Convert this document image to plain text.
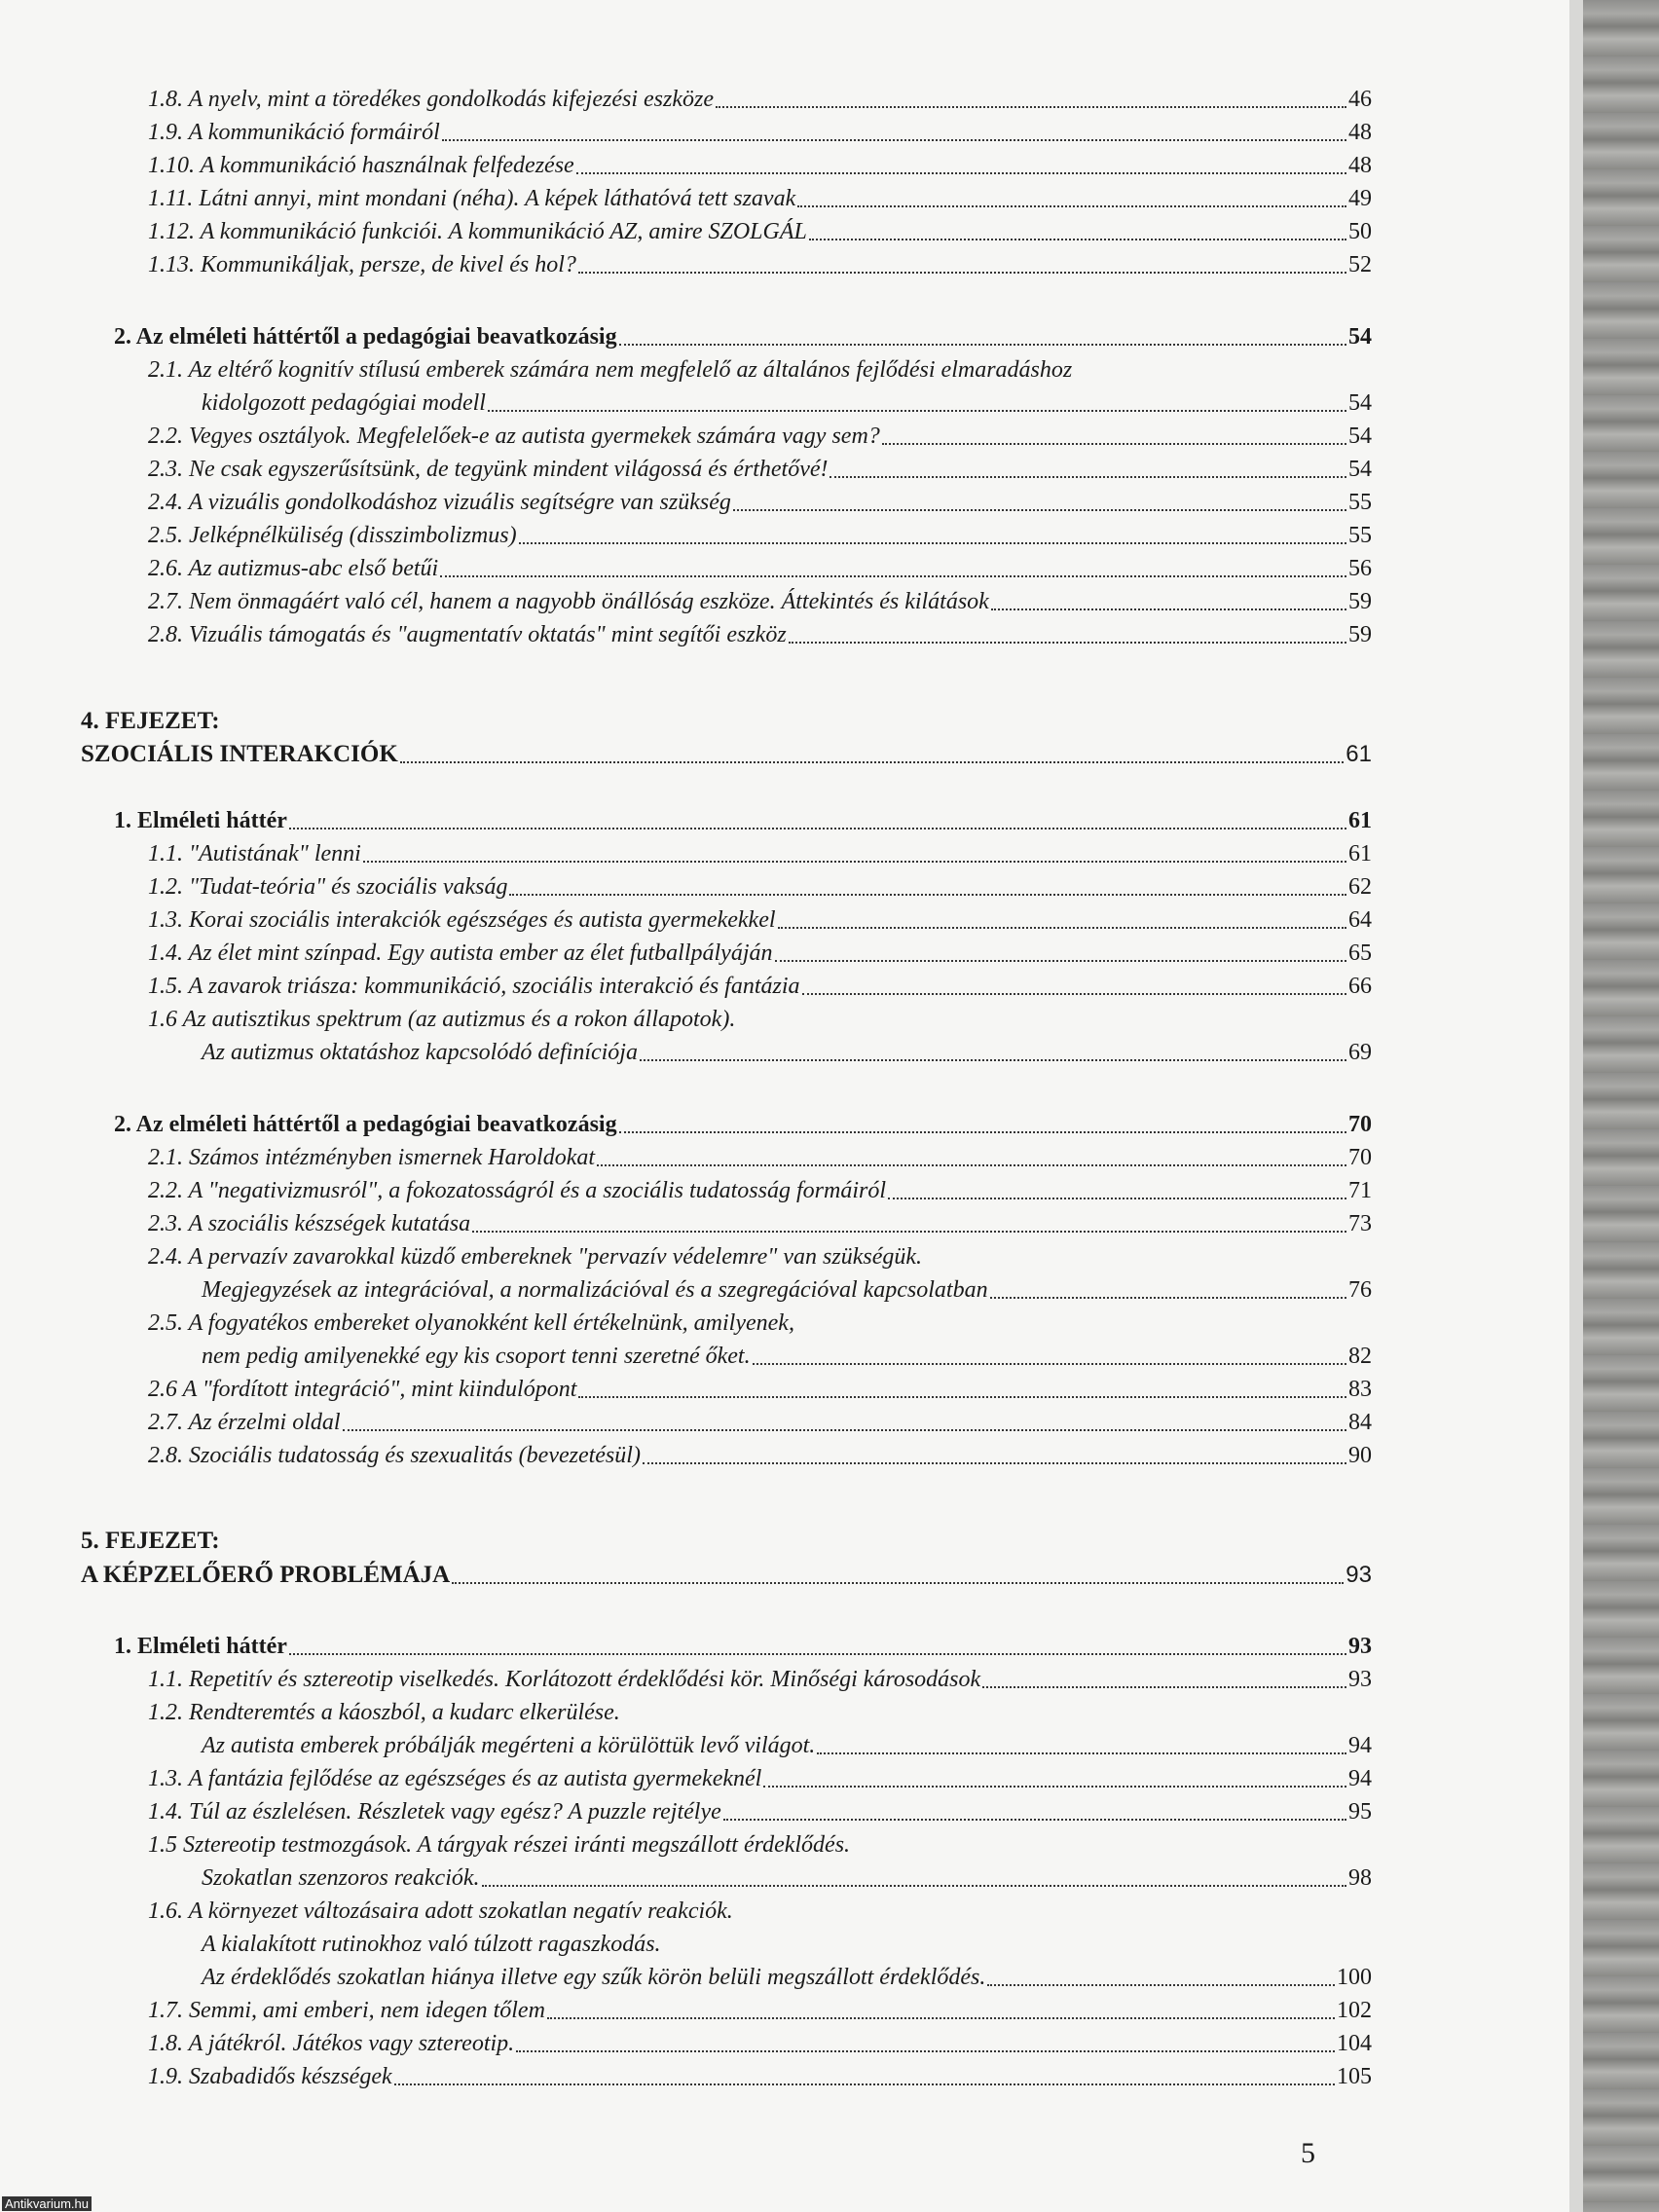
1.8. A nyelv, mint a töredékes gondolkodás kifejezési eszköze	46
1.9. A kommunikáció formáiról	48
1.10. A kommunikáció használnak felfedezése	48
1.11. Látni annyi, mint mondani (néha). A képek láthatóvá tett szavak	49
1.12. A kommunikáció funkciói. A kommunikáció AZ, amire SZOLGÁL	50
1.13. Kommunikáljak, persze, de kivel és hol?	52
2. Az elméleti háttértől a pedagógiai beavatkozásig	54
2.1. Az eltérő kognitív stílusú emberek számára nem megfelelő az általános fejlődési elmaradáshoz
kidolgozott pedagógiai modell	54
2.2. Vegyes osztályok. Megfelelőek-e az autista gyermekek számára vagy sem?	54
2.3. Ne csak egyszerűsítsünk, de tegyünk mindent világossá és érthetővé!	54
2.4. A vizuális gondolkodáshoz vizuális segítségre van szükség	55
2.5. Jelképnélküliség (disszimbolizmus)	55
2.6. Az autizmus-abc első betűi	56
2.7. Nem önmagáért való cél, hanem a nagyobb önállóság eszköze. Áttekintés és kilátások	59
2.8. Vizuális támogatás és "augmentatív oktatás" mint segítői eszköz	59
4. FEJEZET:
SZOCIÁLIS INTERAKCIÓK	61
1. Elméleti háttér	61
1.1. "Autistának" lenni	61
1.2. "Tudat-teória" és szociális vakság	62
1.3. Korai szociális interakciók egészséges és autista gyermekekkel	64
1.4. Az élet mint színpad. Egy autista ember az élet futballpályáján	65
1.5. A zavarok triásza: kommunikáció, szociális interakció és fantázia	66
1.6 Az autisztikus spektrum (az autizmus és a rokon állapotok).
Az autizmus oktatáshoz kapcsolódó definíciója	69
2. Az elméleti háttértől a pedagógiai beavatkozásig	70
2.1. Számos intézményben ismernek Haroldokat	70
2.2. A "negativizmusról", a fokozatosságról és a szociális tudatosság formáiról	71
2.3. A szociális készségek kutatása	73
2.4. A pervazív zavarokkal küzdő embereknek "pervazív védelemre" van szükségük.
Megjegyzések az integrációval, a normalizációval és a szegregációval kapcsolatban	76
2.5. A fogyatékos embereket olyanokként kell értékelnünk, amilyenek,
nem pedig amilyenekké egy kis csoport tenni szeretné őket.	82
2.6 A "fordított integráció", mint kiindulópont	83
2.7. Az érzelmi oldal	84
2.8. Szociális tudatosság és szexualitás (bevezetésül)	90
5. FEJEZET:
A KÉPZELŐERŐ PROBLÉMÁJA	93
1. Elméleti háttér	93
1.1. Repetitív és sztereotip viselkedés. Korlátozott érdeklődési kör. Minőségi károsodások	93
1.2. Rendteremtés a káoszból, a kudarc elkerülése.
Az autista emberek próbálják megérteni a körülöttük levő világot.	94
1.3. A fantázia fejlődése az egészséges és az autista gyermekeknél	94
1.4. Túl az észlelésen. Részletek vagy egész? A puzzle rejtélye	95
1.5 Sztereotip testmozgások. A tárgyak részei iránti megszállott érdeklődés.
Szokatlan szenzoros reakciók.	98
1.6. A környezet változásaira adott szokatlan negatív reakciók.
A kialakított rutinokhoz való túlzott ragaszkodás.
Az érdeklődés szokatlan hiánya illetve egy szűk körön belüli megszállott érdeklődés.	100
1.7. Semmi, ami emberi, nem idegen tőlem	102
1.8. A játékról. Játékos vagy sztereotip.	104
1.9. Szabadidős készségek	105
5
Antikvarium.hu
